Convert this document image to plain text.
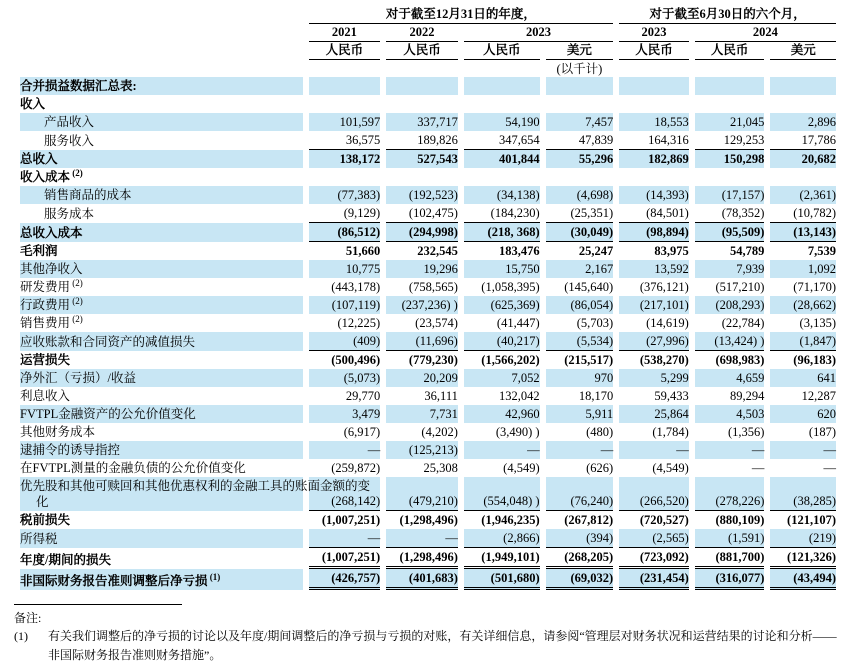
	对于截至12月31日的年度，				对于截至6月30日的六个月，		
	2021	2022	2023		2023	2024	
	人民币	人民币	人民币	美元	人民币	人民币	美元
				(以千计)			

合并损益数据汇总表:							

收入							

产品收入	101,597	337,717	54,190	7,457	18,553	21,045	2,896

服务收入	36,575	189,826	347,654	47,839	164,316	129,253	17,786

总收入	138,172	527,543	401,844	55,296	182,869	150,298	20,682

收入成本 $^{(2)}$

销售商品的成本	(77,383)	(192,523)	(34,138)	(4,698)	(14,393)	(17,157)	(2,361)

服务成本	(9,129)	(102,475)	(184,230)	(25,351)	(84,501)	(78,352)	(10,782)

总收入成本	(86,512)	(294,998)	(218, 368)	(30,049)	(98,894)	(95,509)	(13,143)

毛利润	51,660	232,545	183,476	25,247	83,975	54,789	7,539

其他净收入	10,775	19,296	15,750	2,167	13,592	7,939	1,092

研发费用 $^{(2)}$	(443,178)	(758,565)	(1,058,395)	(145,640)	(376,121)	(517,210)	(71,170)

行政费用 $^{(2)}$	(107,119)	(237,236) )	(625,369)	(86,054)	(217,101)	(208,293)	(28,662)

销售费用 $^{(2)}$	(12,225)	(23,574)	(41,447)	(5,703)	(14,619)	(22,784)	(3,135)

应收账款和合同资产的减值损失	(409)	(11,696)	(40,217)	(5,534)	(27,996)	(13,424) )	(1,847)

运营损失	(500,496)	(779,230)	(1,566,202)	(215,517)	(538,270)	(698,983)	(96,183)

净外汇（亏损）/收益	(5,073)	20,209	7,052	970	5,299	4,659	641

利息收入	29,770	36,111	132,042	18,170	59,433	89,294	12,287

FVTPL金融资产的公允价值变化	3,479	7,731	42,960	5,911	25,864	4,503	620

其他财务成本	(6,917)	(4,202)	(3,490) )	(480)	(1,784)	(1,356)	(187)

逮捕令的诱导指控	—	(125,213)	—	—	—	—	—

在FVTPL测量的金融负债的公允价值变化	(259,872)	25,308	(4,549)	(626)	(4,549)	—	—

优先股和其他可赎回和其他优惠权利的金融工具的账面金额的变化	(268,142)	(479,210)	(554,048) )	(76,240)	(266,520)	(278,226)	(38,285)

税前损失	(1,007,251)	(1,298,496)	(1,946,235)	(267,812)	(720,527)	(880,109)	(121,107)

所得税	—	—	(2,866)	(394)	(2,565)	(1,591)	(219)

年度/期间的损失	(1,007,251)	(1,298,496)	(1,949,101)	(268,205)	(723,092)	(881,700)	(121,326)

非国际财务报告准则调整后净亏损 $^{(1)}$	(426,757)	(401,683)	(501,680)	(69,032)	(231,454)	(316,077)	(43,494)
备注:
(1)	有关我们调整后的净亏损的讨论以及年度/期间调整后的净亏损与亏损的对账，有关详细信息，请参阅“管理层对财务状况和运营结果的讨论和分析——非国际财务报告准则财务措施”。
